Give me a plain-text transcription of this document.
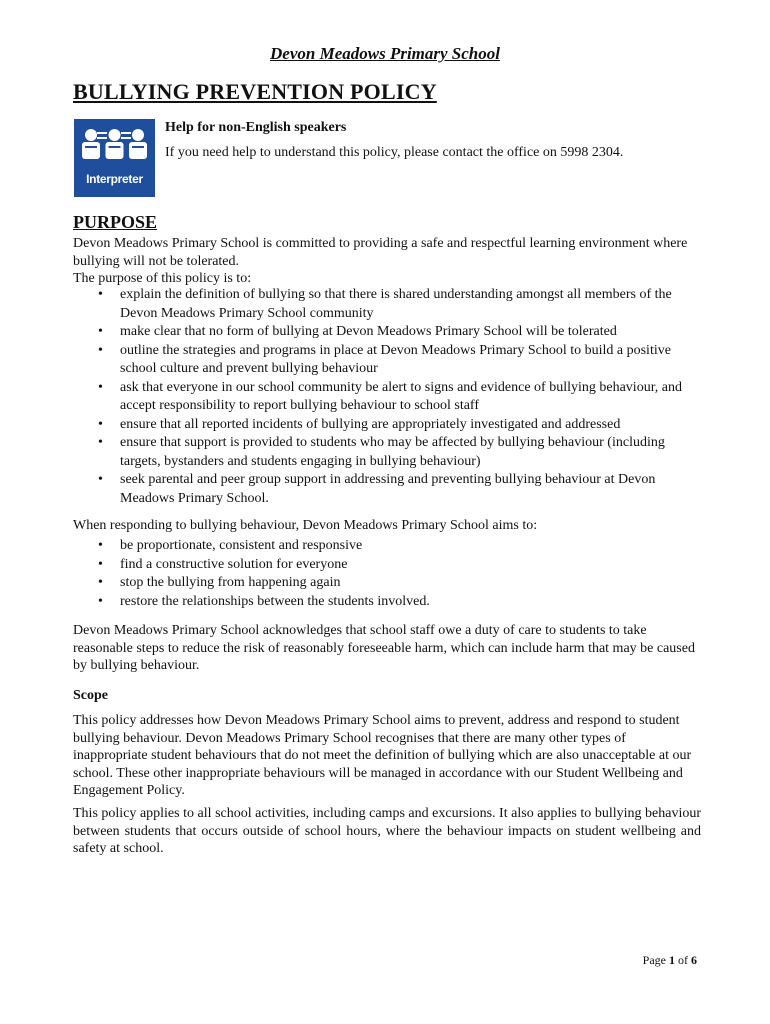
Devon Meadows Primary School
BULLYING PREVENTION POLICY
Interpreter
Help for non-English speakers
If you need help to understand this policy, please contact the office on 5998 2304.
PURPOSE
Devon Meadows Primary School is committed to providing a safe and respectful learning environment where bullying will not be tolerated.
The purpose of this policy is to:
• explain the definition of bullying so that there is shared understanding amongst all members of the Devon Meadows Primary School community
• make clear that no form of bullying at Devon Meadows Primary School will be tolerated
• outline the strategies and programs in place at Devon Meadows Primary School to build a positive school culture and prevent bullying behaviour
• ask that everyone in our school community be alert to signs and evidence of bullying behaviour, and accept responsibility to report bullying behaviour to school staff
• ensure that all reported incidents of bullying are appropriately investigated and addressed
• ensure that support is provided to students who may be affected by bullying behaviour (including targets, bystanders and students engaging in bullying behaviour)
• seek parental and peer group support in addressing and preventing bullying behaviour at Devon Meadows Primary School.

When responding to bullying behaviour, Devon Meadows Primary School aims to:

• be proportionate, consistent and responsive
• find a constructive solution for everyone
• stop the bullying from happening again
• restore the relationships between the students involved.

Devon Meadows Primary School acknowledges that school staff owe a duty of care to students to take reasonable steps to reduce the risk of reasonably foreseeable harm, which can include harm that may be caused by bullying behaviour.

Scope

This policy addresses how Devon Meadows Primary School aims to prevent, address and respond to student bullying behaviour. Devon Meadows Primary School recognises that there are many other types of inappropriate student behaviours that do not meet the definition of bullying which are also unacceptable at our school. These other inappropriate behaviours will be managed in accordance with our Student Wellbeing and Engagement Policy.

This policy applies to all school activities, including camps and excursions. It also applies to bullying behaviour between students that occurs outside of school hours, where the behaviour impacts on student wellbeing and safety at school.

Page 1 of 6
